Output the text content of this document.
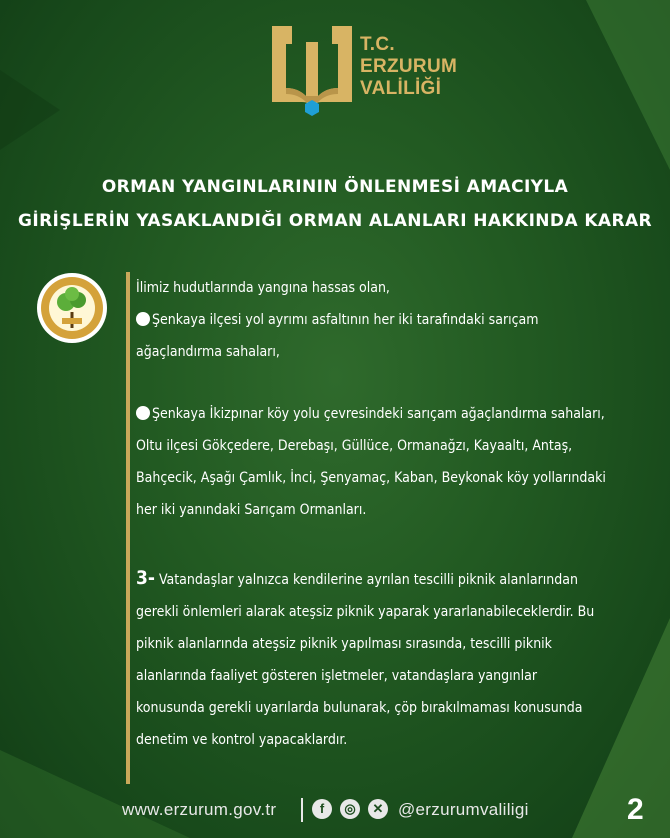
T.C.
ERZURUM
VALİLİĞİ
ORMAN YANGINLARININ ÖNLENMESİ AMACIYLA
GİRİŞLERİN YASAKLANDIĞI ORMAN ALANLARI HAKKINDA KARAR

İlimiz hudutlarında yangına hassas olan,

Şenkaya ilçesi yol ayrımı asfaltının her iki tarafındaki sarıçam

ağaçlandırma sahaları,

Şenkaya İkizpınar köy yolu çevresindeki sarıçam ağaçlandırma sahaları,

Oltu ilçesi Gökçedere, Derebaşı, Güllüce, Ormanağzı, Kayaaltı, Antaş,

Bahçecik, Aşağı Çamlık, İnci, Şenyamaç, Kaban, Beykonak köy yollarındaki

her iki yanındaki Sarıçam Ormanları.

3- Vatandaşlar yalnızca kendilerine ayrılan tescilli piknik alanlarından

gerekli önlemleri alarak ateşsiz piknik yaparak yararlanabileceklerdir. Bu

piknik alanlarında ateşsiz piknik yapılması sırasında, tescilli piknik

alanlarında faaliyet gösteren işletmeler, vatandaşlara yangınlar

konusunda gerekli uyarılarda bulunarak, çöp bırakılmaması konusunda

denetim ve kontrol yapacaklardır.

www.erzurum.gov.tr	f	◎	✕ @erzurumvaliligi	2
